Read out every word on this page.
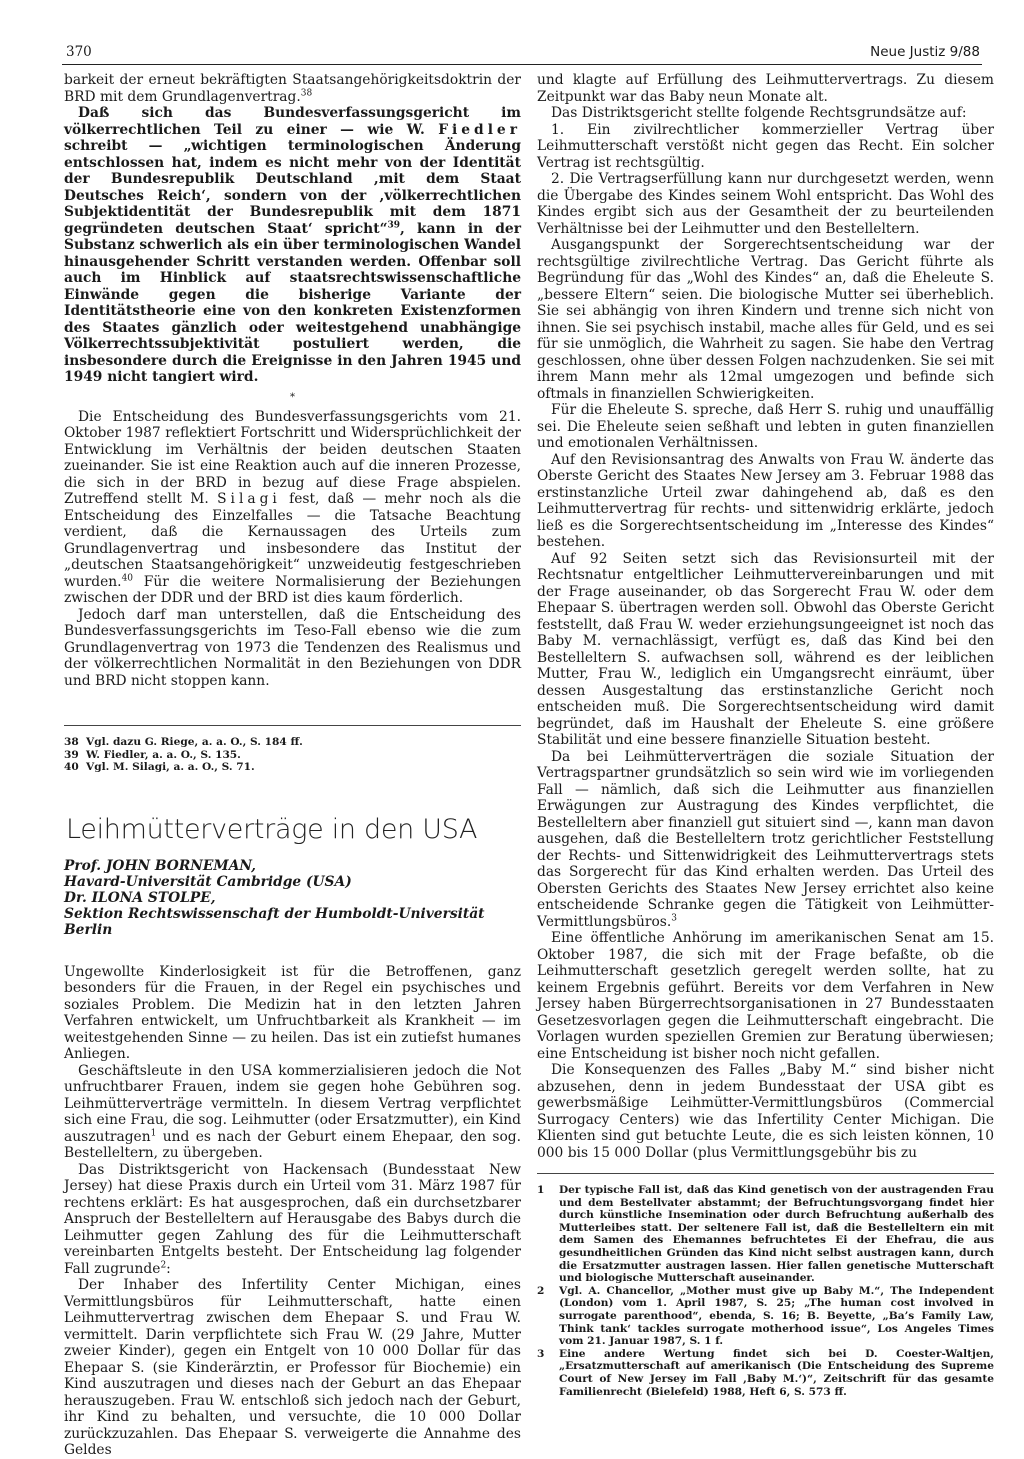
370	Neue Justiz 9/88

barkeit der erneut bekräftigten Staatsangehörigkeitsdoktrin der BRD mit dem Grundlagenvertrag.$^{38}$

Daß sich das Bundesverfassungsgericht im völkerrechtlichen Teil zu einer — wie W. Fiedler schreibt — „wichtigen terminologischen Änderung entschlossen hat, indem es nicht mehr von der Identität der Bundesrepublik Deutschland ,mit dem Staat Deutsches Reich‘, sondern von der ,völkerrechtlichen Subjektidentität der Bundesrepublik mit dem 1871 gegründeten deutschen Staat‘ spricht“$^{39}$, kann in der Substanz schwerlich als ein über terminologischen Wandel hinausgehender Schritt verstanden werden. Offenbar soll auch im Hinblick auf staatsrechtswissenschaftliche Einwände gegen die bisherige Variante der Identitätstheorie eine von den konkreten Existenzformen des Staates gänzlich oder weitestgehend unabhängige Völkerrechtssubjektivität postuliert werden, die insbesondere durch die Ereignisse in den Jahren 1945 und 1949 nicht tangiert wird.

*

Die Entscheidung des Bundesverfassungsgerichts vom 21. Oktober 1987 reflektiert Fortschritt und Widersprüchlichkeit der Entwicklung im Verhältnis der beiden deutschen Staaten zueinander. Sie ist eine Reaktion auch auf die inneren Prozesse, die sich in der BRD in bezug auf diese Frage abspielen. Zutreffend stellt M. Silagi fest, daß — mehr noch als die Entscheidung des Einzelfalles — die Tatsache Beachtung verdient, daß die Kernaussagen des Urteils zum Grundlagenvertrag und insbesondere das Institut der „deutschen Staatsangehörigkeit“ unzweideutig festgeschrieben wurden.$^{40}$ Für die weitere Normalisierung der Beziehungen zwischen der DDR und der BRD ist dies kaum förderlich.

Jedoch darf man unterstellen, daß die Entscheidung des Bundesverfassungsgerichts im Teso-Fall ebenso wie die zum Grundlagenvertrag von 1973 die Tendenzen des Realismus und der völkerrechtlichen Normalität in den Beziehungen von DDR und BRD nicht stoppen kann.

38 Vgl. dazu G. Riege, a. a. O., S. 184 ff.
39 W. Fiedler, a. a. O., S. 135.
40 Vgl. M. Silagi, a. a. O., S. 71.
Leihmütterverträge in den USA
Prof. JOHN BORNEMAN,
Havard-Universität Cambridge (USA)
Dr. ILONA STOLPE,
Sektion Rechtswissenschaft der Humboldt-Universität Berlin

Ungewollte Kinderlosigkeit ist für die Betroffenen, ganz besonders für die Frauen, in der Regel ein psychisches und soziales Problem. Die Medizin hat in den letzten Jahren Verfahren entwickelt, um Unfruchtbarkeit als Krankheit — im weitestgehenden Sinne — zu heilen. Das ist ein zutiefst humanes Anliegen.

Geschäftsleute in den USA kommerzialisieren jedoch die Not unfruchtbarer Frauen, indem sie gegen hohe Gebühren sog. Leihmütterverträge vermitteln. In diesem Vertrag verpflichtet sich eine Frau, die sog. Leihmutter (oder Ersatzmutter), ein Kind auszutragen$^1$ und es nach der Geburt einem Ehepaar, den sog. Bestelleltern, zu übergeben.

Das Distriktsgericht von Hackensach (Bundesstaat New Jersey) hat diese Praxis durch ein Urteil vom 31. März 1987 für rechtens erklärt: Es hat ausgesprochen, daß ein durchsetzbarer Anspruch der Bestelleltern auf Herausgabe des Babys durch die Leihmutter gegen Zahlung des für die Leihmutterschaft vereinbarten Entgelts besteht. Der Entscheidung lag folgender Fall zugrunde$^2$:

Der Inhaber des Infertility Center Michigan, eines Vermittlungsbüros für Leihmutterschaft, hatte einen Leihmuttervertrag zwischen dem Ehepaar S. und Frau W. vermittelt. Darin verpflichtete sich Frau W. (29 Jahre, Mutter zweier Kinder), gegen ein Entgelt von 10 000 Dollar für das Ehepaar S. (sie Kinderärztin, er Professor für Biochemie) ein Kind auszutragen und dieses nach der Geburt an das Ehepaar herauszugeben. Frau W. entschloß sich jedoch nach der Geburt, ihr Kind zu behalten, und versuchte, die 10 000 Dollar zurückzuzahlen. Das Ehepaar S. verweigerte die Annahme des Geldes

und klagte auf Erfüllung des Leihmuttervertrags. Zu diesem Zeitpunkt war das Baby neun Monate alt.

Das Distriktsgericht stellte folgende Rechtsgrundsätze auf:

1. Ein zivilrechtlicher kommerzieller Vertrag über Leihmutterschaft verstößt nicht gegen das Recht. Ein solcher Vertrag ist rechtsgültig.

2. Die Vertragserfüllung kann nur durchgesetzt werden, wenn die Übergabe des Kindes seinem Wohl entspricht. Das Wohl des Kindes ergibt sich aus der Gesamtheit der zu beurteilenden Verhältnisse bei der Leihmutter und den Bestelleltern.

Ausgangspunkt der Sorgerechtsentscheidung war der rechtsgültige zivilrechtliche Vertrag. Das Gericht führte als Begründung für das „Wohl des Kindes“ an, daß die Eheleute S. „bessere Eltern“ seien. Die biologische Mutter sei überheblich. Sie sei abhängig von ihren Kindern und trenne sich nicht von ihnen. Sie sei psychisch instabil, mache alles für Geld, und es sei für sie unmöglich, die Wahrheit zu sagen. Sie habe den Vertrag geschlossen, ohne über dessen Folgen nachzudenken. Sie sei mit ihrem Mann mehr als 12mal umgezogen und befinde sich oftmals in finanziellen Schwierigkeiten.

Für die Eheleute S. spreche, daß Herr S. ruhig und unauffällig sei. Die Eheleute seien seßhaft und lebten in guten finanziellen und emotionalen Verhältnissen.

Auf den Revisionsantrag des Anwalts von Frau W. änderte das Oberste Gericht des Staates New Jersey am 3. Februar 1988 das erstinstanzliche Urteil zwar dahingehend ab, daß es den Leihmuttervertrag für rechts- und sittenwidrig erklärte, jedoch ließ es die Sorgerechtsentscheidung im „Interesse des Kindes“ bestehen.

Auf 92 Seiten setzt sich das Revisionsurteil mit der Rechtsnatur entgeltlicher Leihmuttervereinbarungen und mit der Frage auseinander, ob das Sorgerecht Frau W. oder dem Ehepaar S. übertragen werden soll. Obwohl das Oberste Gericht feststellt, daß Frau W. weder erziehungsungeeignet ist noch das Baby M. vernachlässigt, verfügt es, daß das Kind bei den Bestelleltern S. aufwachsen soll, während es der leiblichen Mutter, Frau W., lediglich ein Umgangsrecht einräumt, über dessen Ausgestaltung das erstinstanzliche Gericht noch entscheiden muß. Die Sorgerechtsentscheidung wird damit begründet, daß im Haushalt der Eheleute S. eine größere Stabilität und eine bessere finanzielle Situation besteht.

Da bei Leihmütterverträgen die soziale Situation der Vertragspartner grundsätzlich so sein wird wie im vorliegenden Fall — nämlich, daß sich die Leihmutter aus finanziellen Erwägungen zur Austragung des Kindes verpflichtet, die Bestelleltern aber finanziell gut situiert sind —, kann man davon ausgehen, daß die Bestelleltern trotz gerichtlicher Feststellung der Rechts- und Sittenwidrigkeit des Leihmuttervertrags stets das Sorgerecht für das Kind erhalten werden. Das Urteil des Obersten Gerichts des Staates New Jersey errichtet also keine entscheidende Schranke gegen die Tätigkeit von Leihmütter-Vermittlungsbüros.$^3$

Eine öffentliche Anhörung im amerikanischen Senat am 15. Oktober 1987, die sich mit der Frage befaßte, ob die Leihmutterschaft gesetzlich geregelt werden sollte, hat zu keinem Ergebnis geführt. Bereits vor dem Verfahren in New Jersey haben Bürgerrechtsorganisationen in 27 Bundesstaaten Gesetzesvorlagen gegen die Leihmutterschaft eingebracht. Die Vorlagen wurden speziellen Gremien zur Beratung überwiesen; eine Entscheidung ist bisher noch nicht gefallen.

Die Konsequenzen des Falles „Baby M.“ sind bisher nicht abzusehen, denn in jedem Bundesstaat der USA gibt es gewerbsmäßige Leihmütter-Vermittlungsbüros (Commercial Surrogacy Centers) wie das Infertility Center Michigan. Die Klienten sind gut betuchte Leute, die es sich leisten können, 10 000 bis 15 000 Dollar (plus Vermittlungsgebühr bis zu

1	Der typische Fall ist, daß das Kind genetisch von der austragenden Frau und dem Bestellvater abstammt; der Befruchtungsvorgang findet hier durch künstliche Insemination oder durch Befruchtung außerhalb des Mutterleibes statt. Der seltenere Fall ist, daß die Bestelleltern ein mit dem Samen des Ehemannes befruchtetes Ei der Ehefrau, die aus gesundheitlichen Gründen das Kind nicht selbst austragen kann, durch die Ersatzmutter austragen lassen. Hier fallen genetische Mutterschaft und biologische Mutterschaft auseinander.
2	Vgl. A. Chancellor, „Mother must give up Baby M.“, The Independent (London) vom 1. April 1987, S. 25; „The human cost involved in surrogate parenthood“, ebenda, S. 16; B. Beyette, „Ba’s Family Law, Think tank‘ tackles surrogate motherhood issue“, Los Angeles Times vom 21. Januar 1987, S. 1 f.
3	Eine andere Wertung findet sich bei D. Coester-Waltjen, „Ersatzmutterschaft auf amerikanisch (Die Entscheidung des Supreme Court of New Jersey im Fall ,Baby M.‘)“, Zeitschrift für das gesamte Familienrecht (Bielefeld) 1988, Heft 6, S. 573 ff.
